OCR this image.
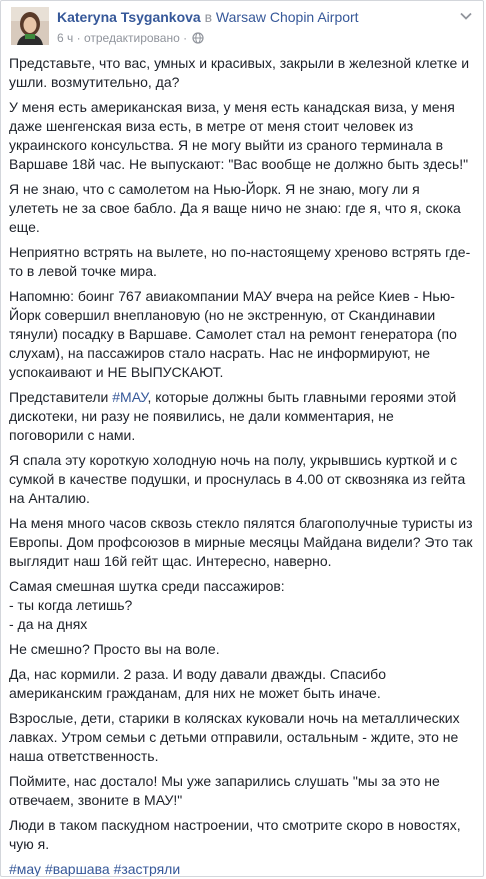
Kateryna Tsygankova в Warsaw Chopin Airport
6 ч · отредактировано ·

Представьте, что вас, умных и красивых, закрыли в железной клетке и
ушли. возмутительно, да?

У меня есть американская виза, у меня есть канадская виза, у меня
даже шенгенская виза есть, в метре от меня стоит человек из
украинского консульства. Я не могу выйти из сраного терминала в
Варшаве 18й час. Не выпускают: "Вас вообще не должно быть здесь!"

Я не знаю, что с самолетом на Нью-Йорк. Я не знаю, могу ли я
улететь не за свое бабло. Да я ваще ничо не знаю: где я, что я, скока
еще.

Неприятно встрять на вылете, но по-настоящему хреново встрять где-
то в левой точке мира.

Напомню: боинг 767 авиакомпании МАУ вчера на рейсе Киев - Нью-
Йорк совершил внеплановую (но не экстренную, от Скандинавии
тянули) посадку в Варшаве. Самолет стал на ремонт генератора (по
слухам), на пассажиров стало насрать. Нас не информируют, не
успокаивают и НЕ ВЫПУСКАЮТ.

Представители #МАУ, которые должны быть главными героями этой
дискотеки, ни разу не появились, не дали комментария, не
поговорили с нами.

Я спала эту короткую холодную ночь на полу, укрывшись курткой и с
сумкой в качестве подушки, и проснулась в 4.00 от сквозняка из гейта
на Анталию.

На меня много часов сквозь стекло пялятся благополучные туристы из
Европы. Дом профсоюзов в мирные месяцы Майдана видели? Это так
выглядит наш 16й гейт щас. Интересно, наверно.

Самая смешная шутка среди пассажиров:
- ты когда летишь?
- да на днях

Не смешно? Просто вы на воле.

Да, нас кормили. 2 раза. И воду давали дважды. Спасибо
американским гражданам, для них не может быть иначе.

Взрослые, дети, старики в колясках куковали ночь на металлических
лавках. Утром семьи с детьми отправили, остальным - ждите, это не
наша ответственность.

Поймите, нас достало! Мы уже запарились слушать "мы за это не
отвечаем, звоните в МАУ!"

Люди в таком паскудном настроении, что смотрите скоро в новостях,
чую я.

#мау #варшава #застряли
